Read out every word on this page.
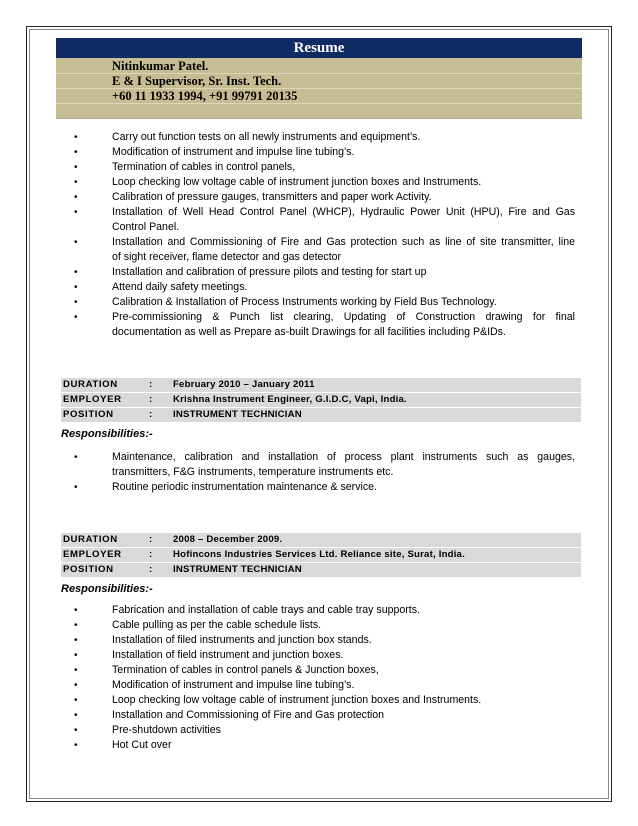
Resume
Nitinkumar Patel.
E & I Supervisor, Sr. Inst. Tech.
+60 11 1933 1994, +91 99791 20135
•	Carry out function tests on all newly instruments and equipment’s.
•	Modification of instrument and impulse line tubing’s.
•	Termination of cables in control panels,
•	Loop checking low voltage cable of instrument junction boxes and Instruments.
•	Calibration of pressure gauges, transmitters and paper work Activity.
•	Installation of Well Head Control Panel (WHCP), Hydraulic Power Unit (HPU), Fire and Gas
Control Panel.
•	Installation and Commissioning of Fire and Gas protection such as line of site transmitter, line
of sight receiver, flame detector and gas detector
•	Installation and calibration of pressure pilots and testing for start up
•	Attend daily safety meetings.
•	Calibration & Installation of Process Instruments working by Field Bus Technology.
•	Pre-commissioning & Punch list clearing, Updating of Construction drawing for final
documentation as well as Prepare as-built Drawings for all facilities including P&IDs.
DURATION	: February 2010 – January 2011
EMPLOYER	: Krishna Instrument Engineer, G.I.D.C, Vapi, India.
POSITION	: INSTRUMENT TECHNICIAN
Responsibilities:-
•	Maintenance, calibration and installation of process plant instruments such as gauges,
transmitters, F&G instruments, temperature instruments etc.
•	Routine periodic instrumentation maintenance & service.
DURATION	: 2008 – December 2009.
EMPLOYER	: Hofincons Industries Services Ltd. Reliance site, Surat, India.
POSITION	: INSTRUMENT TECHNICIAN
Responsibilities:-
•	Fabrication and installation of cable trays and cable tray supports.
•	Cable pulling as per the cable schedule lists.
•	Installation of filed instruments and junction box stands.
•	Installation of field instrument and junction boxes.
•	Termination of cables in control panels & Junction boxes,
•	Modification of instrument and impulse line tubing’s.
•	Loop checking low voltage cable of instrument junction boxes and Instruments.
•	Installation and Commissioning of Fire and Gas protection
•	Pre-shutdown activities
•	Hot Cut over
